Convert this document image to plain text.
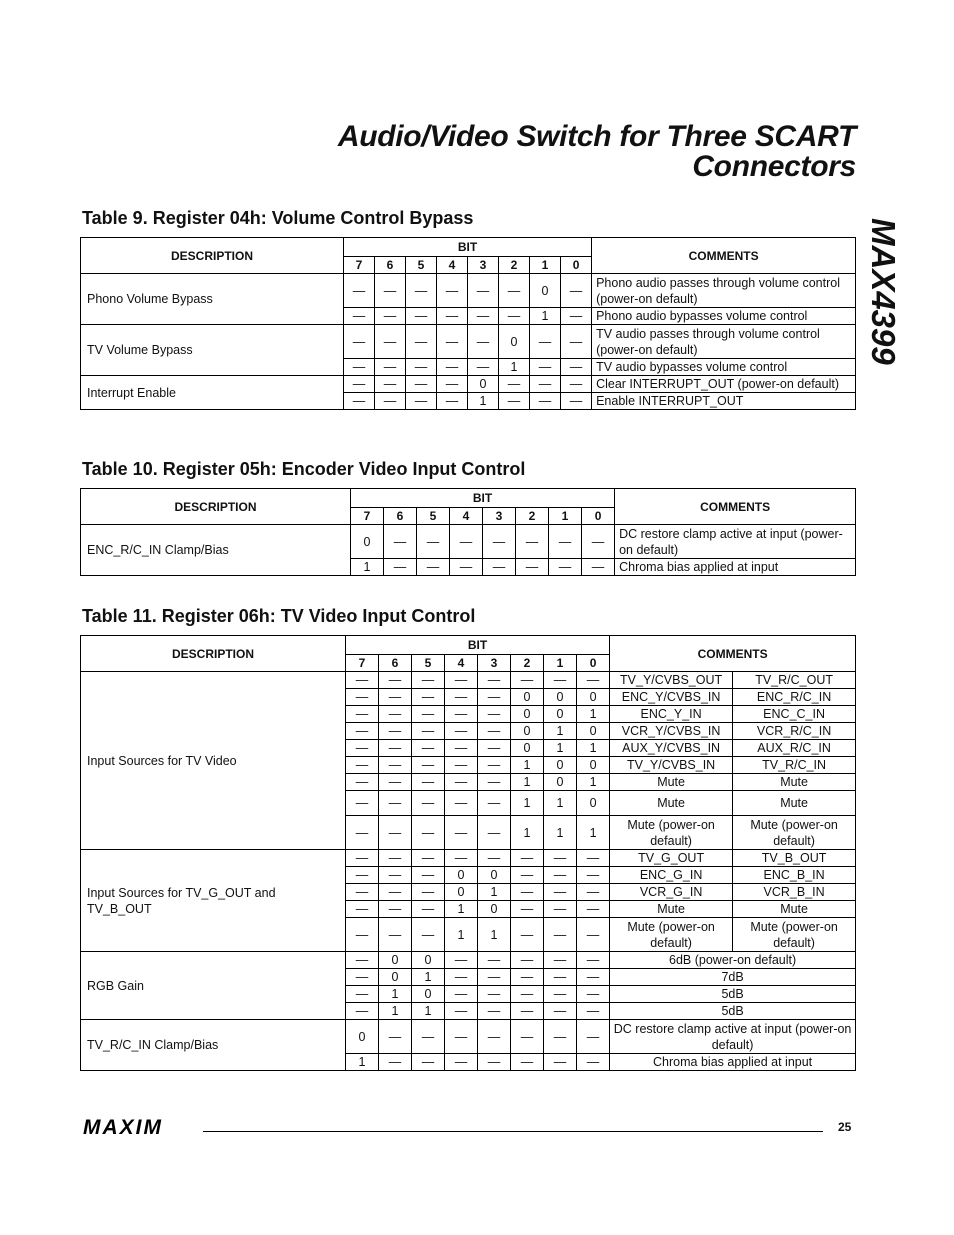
Audio/Video Switch for Three SCART
Connectors
MAX4399
Table 9. Register 04h: Volume Control Bypass
DESCRIPTION	BIT								COMMENTS
	7	6	5	4	3	2	1	0	
Phono Volume Bypass	—	—	—	—	—	—	0	—	Phono audio passes through volume control (power-on default)
	—	—	—	—	—	—	1	—	Phono audio bypasses volume control
TV Volume Bypass	—	—	—	—	—	0	—	—	TV audio passes through volume control (power-on default)
	—	—	—	—	—	1	—	—	TV audio bypasses volume control
Interrupt Enable	—	—	—	—	0	—	—	—	Clear INTERRUPT_OUT (power-on default)
	—	—	—	—	1	—	—	—	Enable INTERRUPT_OUT
Table 10. Register 05h: Encoder Video Input Control
DESCRIPTION	BIT								COMMENTS
	7	6	5	4	3	2	1	0	
ENC_R/C_IN Clamp/Bias	0	—	—	—	—	—	—	—	DC restore clamp active at input (power-on default)
	1	—	—	—	—	—	—	—	Chroma bias applied at input
Table 11. Register 06h: TV Video Input Control
DESCRIPTION	BIT								COMMENTS	
	7	6	5	4	3	2	1	0		
Input Sources for TV Video	—	—	—	—	—	—	—	—	TV_Y/CVBS_OUT	TV_R/C_OUT
	—	—	—	—	—	0	0	0	ENC_Y/CVBS_IN	ENC_R/C_IN
	—	—	—	—	—	0	0	1	ENC_Y_IN	ENC_C_IN
	—	—	—	—	—	0	1	0	VCR_Y/CVBS_IN	VCR_R/C_IN
	—	—	—	—	—	0	1	1	AUX_Y/CVBS_IN	AUX_R/C_IN
	—	—	—	—	—	1	0	0	TV_Y/CVBS_IN	TV_R/C_IN
	—	—	—	—	—	1	0	1	Mute	Mute
	—	—	—	—	—	1	1	0	Mute	Mute
	—	—	—	—	—	1	1	1	Mute (power-on default)	Mute (power-on default)
Input Sources for TV_G_OUT and TV_B_OUT	—	—	—	—	—	—	—	—	TV_G_OUT	TV_B_OUT
	—	—	—	0	0	—	—	—	ENC_G_IN	ENC_B_IN
	—	—	—	0	1	—	—	—	VCR_G_IN	VCR_B_IN
	—	—	—	1	0	—	—	—	Mute	Mute
	—	—	—	1	1	—	—	—	Mute (power-on default)	Mute (power-on default)
RGB Gain	—	0	0	—	—	—	—	—	6dB (power-on default)	
	—	0	1	—	—	—	—	—	7dB	
	—	1	0	—	—	—	—	—	5dB	
	—	1	1	—	—	—	—	—	5dB	
TV_R/C_IN Clamp/Bias	0	—	—	—	—	—	—	—	DC restore clamp active at input (power-on default)	
	1	—	—	—	—	—	—	—	Chroma bias applied at input	
MAXIM	25
